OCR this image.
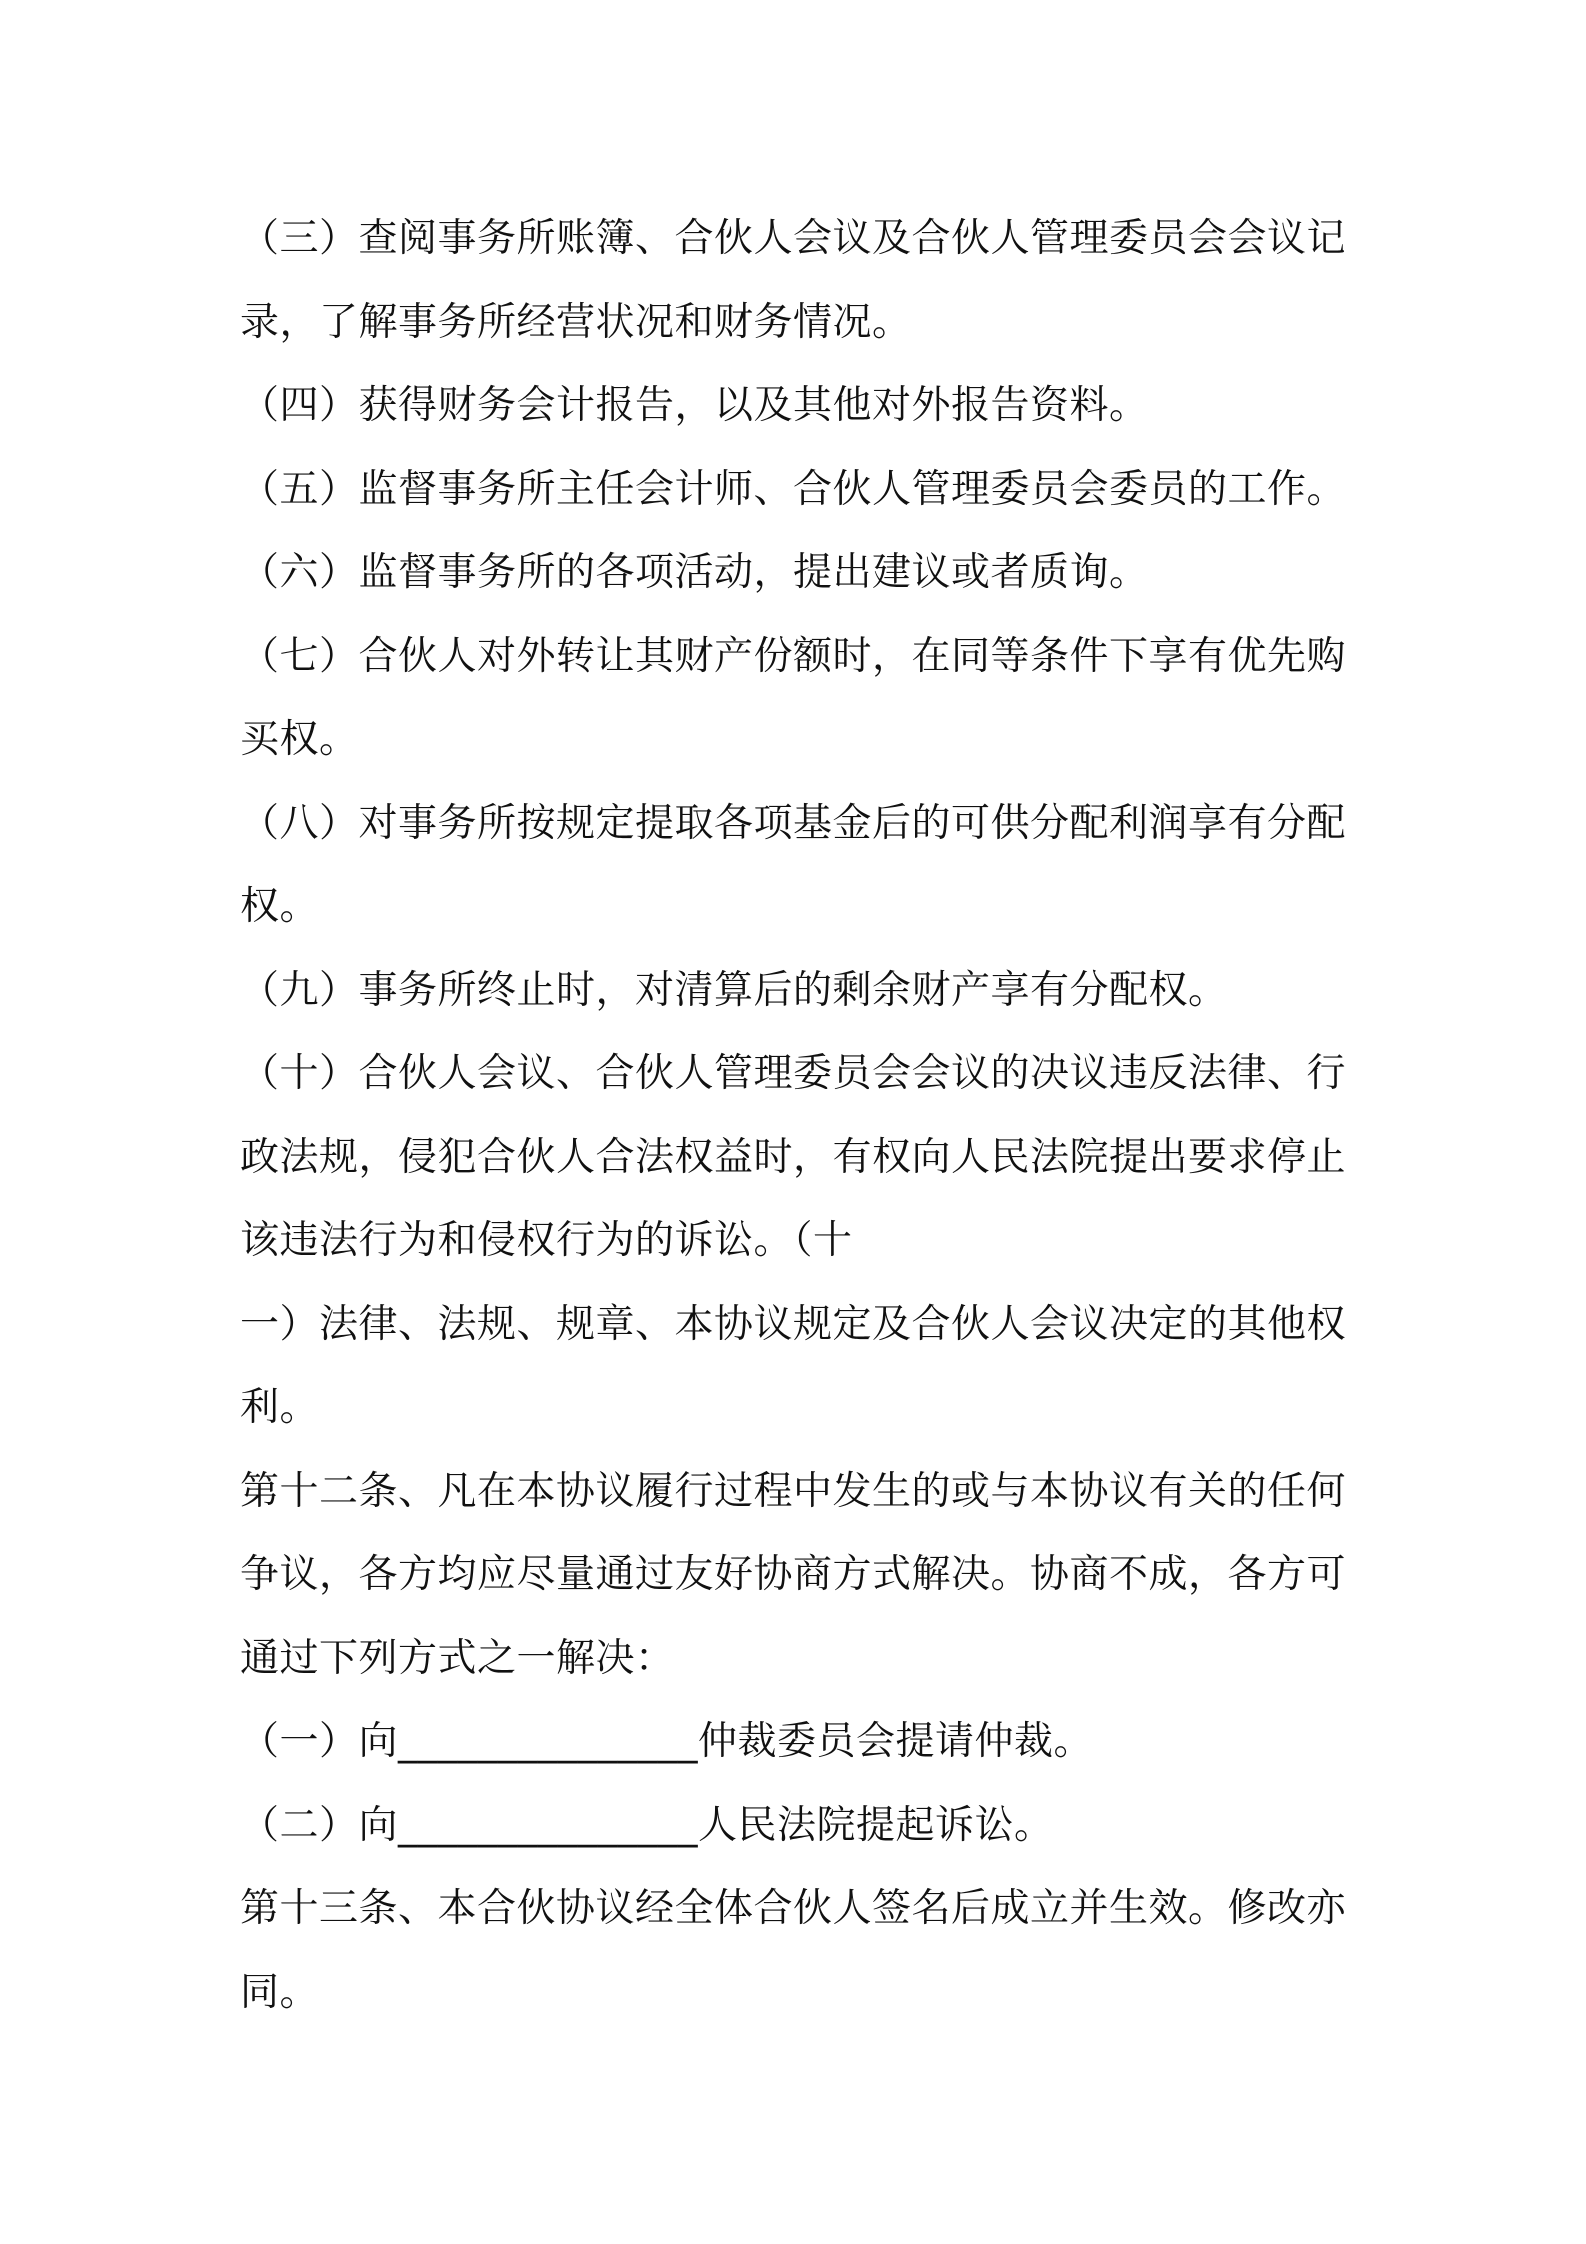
（三）查阅事务所账簿、合伙人会议及合伙人管理委员会会议记
录，了解事务所经营状况和财务情况。
（四）获得财务会计报告，以及其他对外报告资料。
（五）监督事务所主任会计师、合伙人管理委员会委员的工作。
（六）监督事务所的各项活动，提出建议或者质询。
（七）合伙人对外转让其财产份额时，在同等条件下享有优先购
买权。
（八）对事务所按规定提取各项基金后的可供分配利润享有分配
权。
（九）事务所终止时，对清算后的剩余财产享有分配权。
（十）合伙人会议、合伙人管理委员会会议的决议违反法律、行
政法规，侵犯合伙人合法权益时，有权向人民法院提出要求停止
该违法行为和侵权行为的诉讼。（十
一）法律、法规、规章、本协议规定及合伙人会议决定的其他权
利。
第十二条、凡在本协议履行过程中发生的或与本协议有关的任何
争议，各方均应尽量通过友好协商方式解决。协商不成，各方可
通过下列方式之一解决：
（一）向_______________仲裁委员会提请仲裁。
（二）向_______________人民法院提起诉讼。
第十三条、本合伙协议经全体合伙人签名后成立并生效。修改亦
同。
